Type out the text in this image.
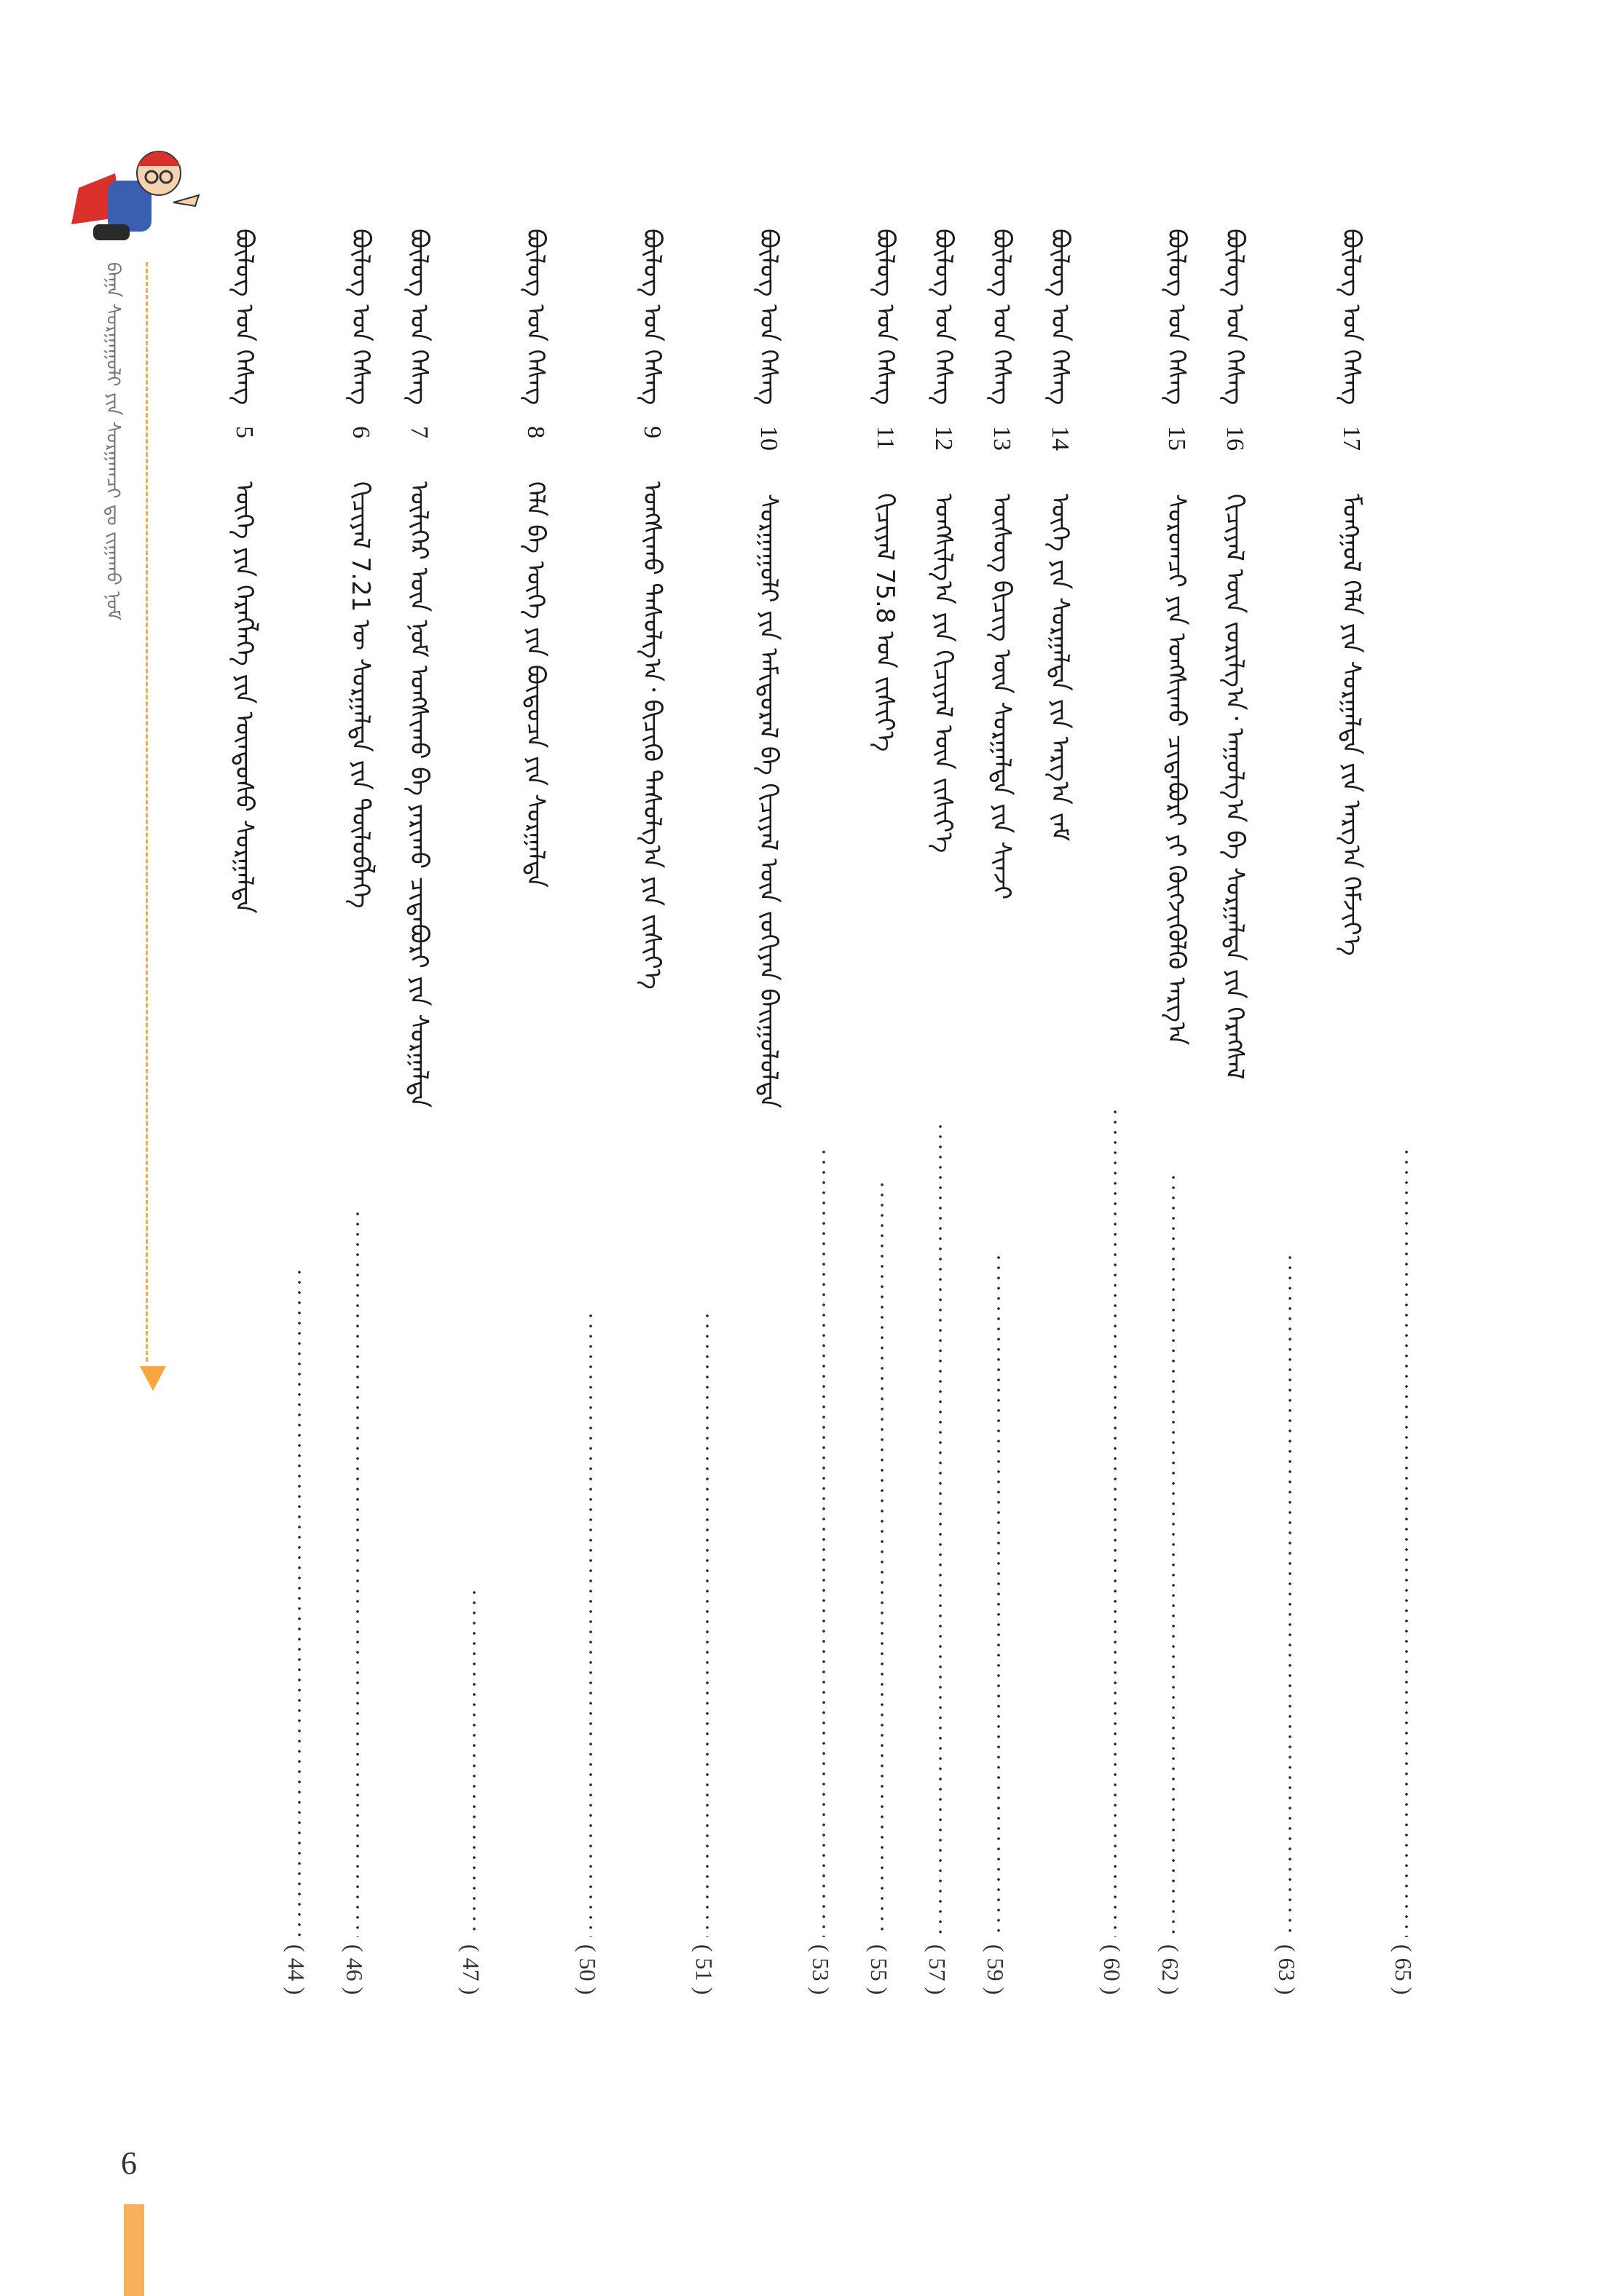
ᠪᠠᠭᠠ ᠰᠤᠷᠭᠠᠭᠤᠯᠢ ᠶᠢᠨ ᠰᠤᠷᠭᠠᠭᠴᠢ ᠳᠤ ᠵᠢᠭᠠᠬᠤ ᠨᠣᠮ	ᠪᠦᠯᠦᠭ ᠤᠨ ᠬᠡᠰᠡᠭ 17 ᠮᠣᠩᠭᠣᠯ ᠬᠡᠯᠡ ᠶᠢᠨ ᠰᠤᠷᠭᠠᠯᠲᠠ ᠶᠢᠨ ᠠᠷᠭ᠎ᠠ ᠬᠡᠮᠵᠢᠶ᠎ᠡ
( 65 )
ᠪᠦᠯᠦᠭ ᠤᠨ ᠬᠡᠰᠡᠭ 16 ᠬᠢᠴᠢᠶᠡᠯ ᠦᠨ ᠵᠣᠷᠢᠯᠭ᠎ᠠ᠂ ᠠᠭᠤᠯᠭ᠎ᠠ ᠪᠠ ᠰᠤᠷᠭᠠᠯᠲᠠ ᠶᠢᠨ ᠬᠡᠷᠡᠭᠰᠡᠯ
( 63 )
ᠪᠦᠯᠦᠭ ᠤᠨ ᠬᠡᠰᠡᠭ 15 ᠰᠤᠷᠤᠭᠴᠢ ᠶᠢᠨ ᠤᠩᠰᠢᠬᠤ ᠴᠢᠳᠠᠪᠤᠷᠢ ᠶᠢ ᠬᠦᠭᠵᠢᠭᠦᠯᠬᠦ ᠠᠷᠭ᠎ᠠ
( 62 )
ᠪᠦᠯᠦᠭ ᠤᠨ ᠬᠡᠰᠡᠭ 14 ᠦᠭᠡ ᠶᠢᠨ ᠰᠤᠷᠭᠠᠯᠲᠠ ᠶᠢᠨ ᠠᠷᠭ᠎ᠠ ᠵᠠᠮ
( 60 )
ᠪᠦᠯᠦᠭ ᠤᠨ ᠬᠡᠰᠡᠭ 13 ᠦᠰᠦᠭ ᠪᠢᠴᠢᠭ ᠦᠨ ᠰᠤᠷᠭᠠᠯᠲᠠ ᠶᠢᠨ ᠰᠢᠨᠵᠢ
( 59 )
ᠪᠦᠯᠦᠭ ᠤᠨ ᠬᠡᠰᠡᠭ 12 ᠤᠩᠰᠢᠯᠭ᠎ᠠ ᠶᠢᠨ ᠬᠢᠴᠢᠶᠡᠯ ᠦᠨ ᠵᠢᠱᠢᠶ᠎ᠡ
( 57 )
ᠪᠦᠯᠦᠭ ᠤᠨ ᠬᠡᠰᠡᠭ 11 ᠬᠢᠴᠢᠶᠡᠯ 75.8 ᠤᠨ ᠵᠢᠱᠢᠶ᠎ᠡ
( 55 )
ᠪᠦᠯᠦᠭ ᠤᠨ ᠬᠡᠰᠡᠭ 10 ᠰᠤᠷᠭᠠᠭᠤᠯᠢ ᠶᠢᠨ ᠠᠮᠢᠳᠤᠷᠠᠯ ᠪᠠ ᠬᠢᠴᠢᠶᠡᠯ ᠦᠨ ᠵᠣᠬᠢᠶᠠᠨ ᠪᠠᠢᠭᠤᠯᠤᠯᠲᠠ
( 53 )
ᠪᠦᠯᠦᠭ ᠤᠨ ᠬᠡᠰᠡᠭ 9 ᠤᠩᠰᠢᠬᠤ ᠳᠠᠰᠤᠯᠭ᠎ᠠ᠂ ᠪᠢᠴᠢᠬᠦ ᠳᠠᠰᠤᠯᠭ᠎ᠠ ᠶᠢᠨ ᠵᠢᠱᠢᠶ᠎ᠡ
( 51 )
ᠪᠦᠯᠦᠭ ᠤᠨ ᠬᠡᠰᠡᠭ 8 ᠬᠡᠯᠡ ᠪᠠ ᠦᠭᠡ ᠶᠢᠨ ᠪᠦᠲᠦᠴᠡ ᠶᠢᠨ ᠰᠤᠷᠭᠠᠯᠲᠠ
( 50 )
ᠪᠦᠯᠦᠭ ᠤᠨ ᠬᠡᠰᠡᠭ 7 ᠦᠯᠢᠭᠡᠷ ᠦᠨ ᠨᠣᠮ ᠤᠩᠰᠢᠬᠤ ᠪᠠ ᠶᠠᠷᠢᠬᠤ ᠴᠢᠳᠠᠪᠤᠷᠢ ᠶᠢᠨ ᠰᠤᠷᠭᠠᠯᠲᠠ
( 47 )
ᠪᠦᠯᠦᠭ ᠤᠨ ᠬᠡᠰᠡᠭ 6 ᠬᠢᠴᠢᠶᠡᠯ 7.21 ᠦ ᠰᠤᠷᠭᠠᠯᠲᠠ ᠶᠢᠨ ᠲᠥᠯᠥᠪᠯᠡᠭᠡ
( 46 )
ᠪᠦᠯᠦᠭ ᠤᠨ ᠬᠡᠰᠡᠭ 5 ᠦᠭᠡ ᠶᠢᠨ ᠬᠡᠷᠡᠭᠯᠡᠭᠡ ᠶᠢᠨ ᠦᠨᠳᠦᠰᠦ ᠰᠤᠷᠭᠠᠯᠲᠠ
( 44 )
6
